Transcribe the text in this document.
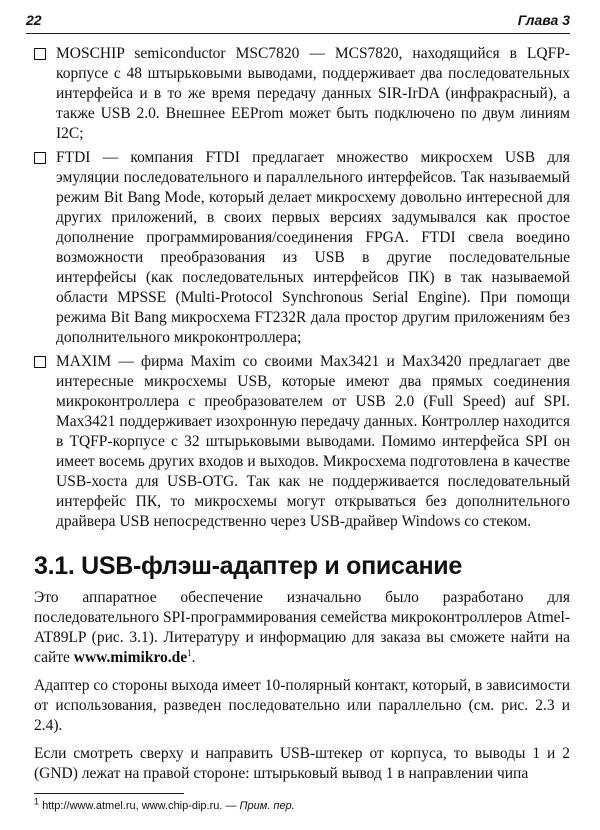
22	Глава 3
MOSCHIP semiconductor MSC7820 — MCS7820, находящийся в LQFP-корпусе с 48 штырьковыми выводами, поддерживает два последовательных интерфейса и в то же время передачу данных SIR-IrDA (инфракрасный), а также USB 2.0. Внешнее EEProm может быть подключено по двум линиям I2C;
FTDI — компания FTDI предлагает множество микросхем USB для эмуляции последовательного и параллельного интерфейсов. Так называемый режим Bit Bang Mode, который делает микросхему довольно интересной для других приложений, в своих первых версиях задумывался как простое дополнение программирования/соединения FPGA. FTDI свела воедино возможности преобразования из USB в другие последовательные интерфейсы (как последовательных интерфейсов ПК) в так называемой области MPSSE (Multi-Protocol Synchronous Serial Engine). При помощи режима Bit Bang микросхема FT232R дала простор другим приложениям без дополнительного микроконтроллера;
MAXIM — фирма Maxim со своими Max3421 и Max3420 предлагает две интересные микросхемы USB, которые имеют два прямых соединения микроконтроллера с преобразователем от USB 2.0 (Full Speed) auf SPI. Max3421 поддерживает изохронную передачу данных. Контроллер находится в TQFP-корпусе с 32 штырьковыми выводами. Помимо интерфейса SPI он имеет восемь других входов и выходов. Микросхема подготовлена в качестве USB-хоста для USB-OTG. Так как не поддерживается последовательный интерфейс ПК, то микросхемы могут открываться без дополнительного драйвера USB непосредственно через USB-драйвер Windows со стеком.
3.1. USB-флэш-адаптер и описание

Это аппаратное обеспечение изначально было разработано для последовательного SPI-программирования семейства микроконтроллеров Atmel-AT89LP (рис. 3.1). Литературу и информацию для заказа вы сможете найти на сайте $www.mimikro.de^1$.

Адаптер со стороны выхода имеет 10-полярный контакт, который, в зависимости от использования, разведен последовательно или параллельно (см. рис. 2.3 и 2.4).

Если смотреть сверху и направить USB-штекер от корпуса, то выводы 1 и 2 (GND) лежат на правой стороне: штырьковый вывод 1 в направлении чипа

$^1$ http://www.atmel.ru, www.chip-dip.ru. — Прим. пер.
